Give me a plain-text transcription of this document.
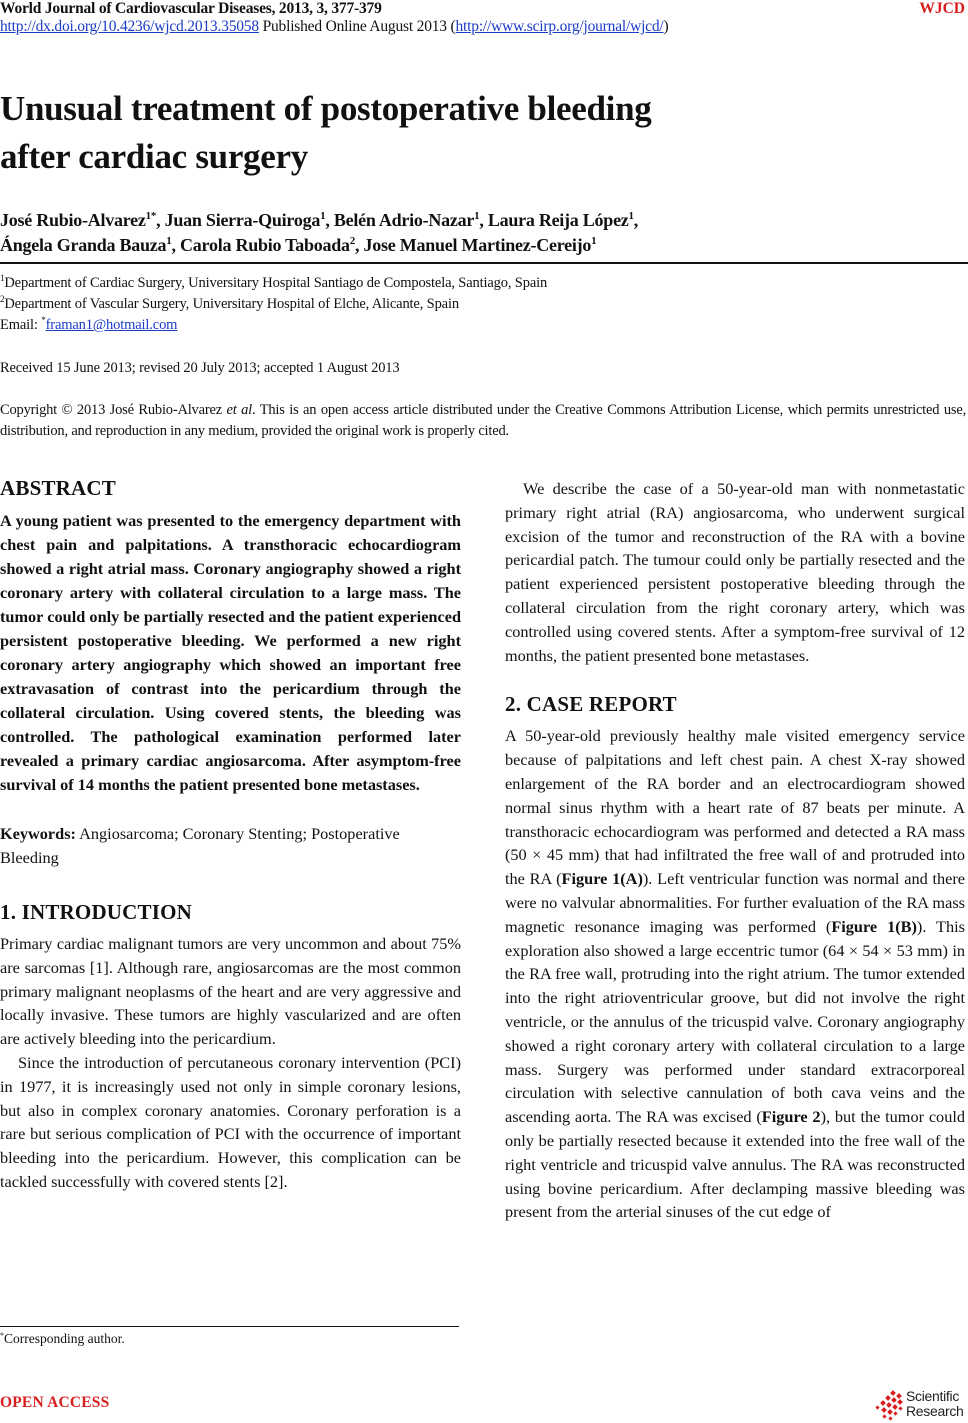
World Journal of Cardiovascular Diseases, 2013, 3, 377-379	WJCD
http://dx.doi.org/10.4236/wjcd.2013.35058 Published Online August 2013 (http://www.scirp.org/journal/wjcd/)
Unusual treatment of postoperative bleeding
after cardiac surgery
José Rubio-Alvarez$^{1*}$, Juan Sierra-Quiroga$^1$, Belén Adrio-Nazar$^1$, Laura Reija López$^1$,
Ángela Granda Bauza$^1$, Carola Rubio Taboada$^2$, Jose Manuel Martinez-Cereijo$^1$
$^1$Department of Cardiac Surgery, Universitary Hospital Santiago de Compostela, Santiago, Spain
$^2$Department of Vascular Surgery, Universitary Hospital of Elche, Alicante, Spain
Email: *framan1@hotmail.com
Received 15 June 2013; revised 20 July 2013; accepted 1 August 2013
Copyright © 2013 José Rubio-Alvarez et al. This is an open access article distributed under the Creative Commons Attribution License, which permits unrestricted use, distribution, and reproduction in any medium, provided the original work is properly cited.
ABSTRACT

A young patient was presented to the emergency department with chest pain and palpitations. A transthoracic echocardiogram showed a right atrial mass. Coronary angiography showed a right coronary artery with collateral circulation to a large mass. The tumor could only be partially resected and the patient experienced persistent postoperative bleeding. We performed a new right coronary artery angiography which showed an important free extravasation of contrast into the pericardium through the collateral circulation. Using covered stents, the bleeding was controlled. The pathological examination performed later revealed a primary cardiac angiosarcoma. After asymptom-free survival of 14 months the patient presented bone metastases.

Keywords: Angiosarcoma; Coronary Stenting; Postoperative Bleeding
1. INTRODUCTION

Primary cardiac malignant tumors are very uncommon and about 75% are sarcomas [1]. Although rare, angiosarcomas are the most common primary malignant neoplasms of the heart and are very aggressive and locally invasive. These tumors are highly vascularized and are often are actively bleeding into the pericardium.

Since the introduction of percutaneous coronary intervention (PCI) in 1977, it is increasingly used not only in simple coronary lesions, but also in complex coronary anatomies. Coronary perforation is a rare but serious complication of PCI with the occurrence of important bleeding into the pericardium. However, this complication can be tackled successfully with covered stents [2].

*Corresponding author.

We describe the case of a 50-year-old man with nonmetastatic primary right atrial (RA) angiosarcoma, who underwent surgical excision of the tumor and reconstruction of the RA with a bovine pericardial patch. The tumour could only be partially resected and the patient experienced persistent postoperative bleeding through the collateral circulation from the right coronary artery, which was controlled using covered stents. After a symptom-free survival of 12 months, the patient presented bone metastases.

2. CASE REPORT

A 50-year-old previously healthy male visited emergency service because of palpitations and left chest pain. A chest X-ray showed enlargement of the RA border and an electrocardiogram showed normal sinus rhythm with a heart rate of 87 beats per minute. A transthoracic echocardiogram was performed and detected a RA mass (50 × 45 mm) that had infiltrated the free wall of and protruded into the RA (Figure 1(A)). Left ventricular function was normal and there were no valvular abnormalities. For further evaluation of the RA mass magnetic resonance imaging was performed (Figure 1(B)). This exploration also showed a large eccentric tumor (64 × 54 × 53 mm) in the RA free wall, protruding into the right atrium. The tumor extended into the right atrioventricular groove, but did not involve the right ventricle, or the annulus of the tricuspid valve. Coronary angiography showed a right coronary artery with collateral circulation to a large mass. Surgery was performed under standard extracorporeal circulation with selective cannulation of both cava veins and the ascending aorta. The RA was excised (Figure 2), but the tumor could only be partially resected because it extended into the free wall of the right ventricle and tricuspid valve annulus. The RA was reconstructed using bovine pericardium. After declamping massive bleeding was present from the arterial sinuses of the cut edge of

OPEN ACCESS	Scientific
Research
